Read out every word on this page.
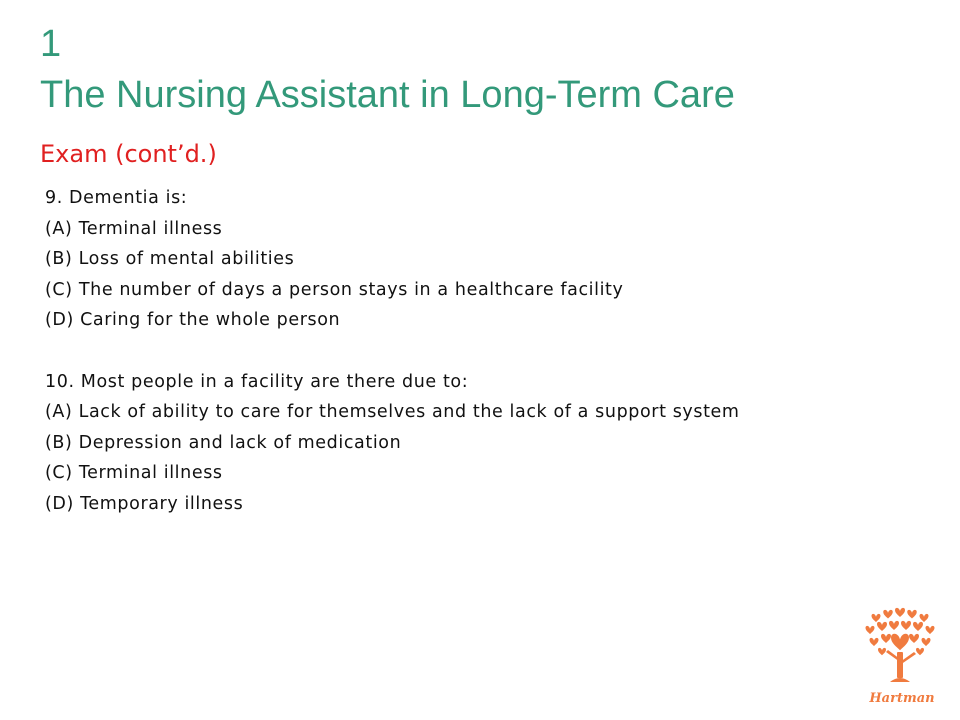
1
The Nursing Assistant in Long-Term Care
Exam (cont’d.)
9. Dementia is:
(A) Terminal illness
(B) Loss of mental abilities
(C) The number of days a person stays in a healthcare facility
(D) Caring for the whole person
10. Most people in a facility are there due to:
(A) Lack of ability to care for themselves and the lack of a support system
(B) Depression and lack of medication
(C) Terminal illness
(D) Temporary illness
Hartman
